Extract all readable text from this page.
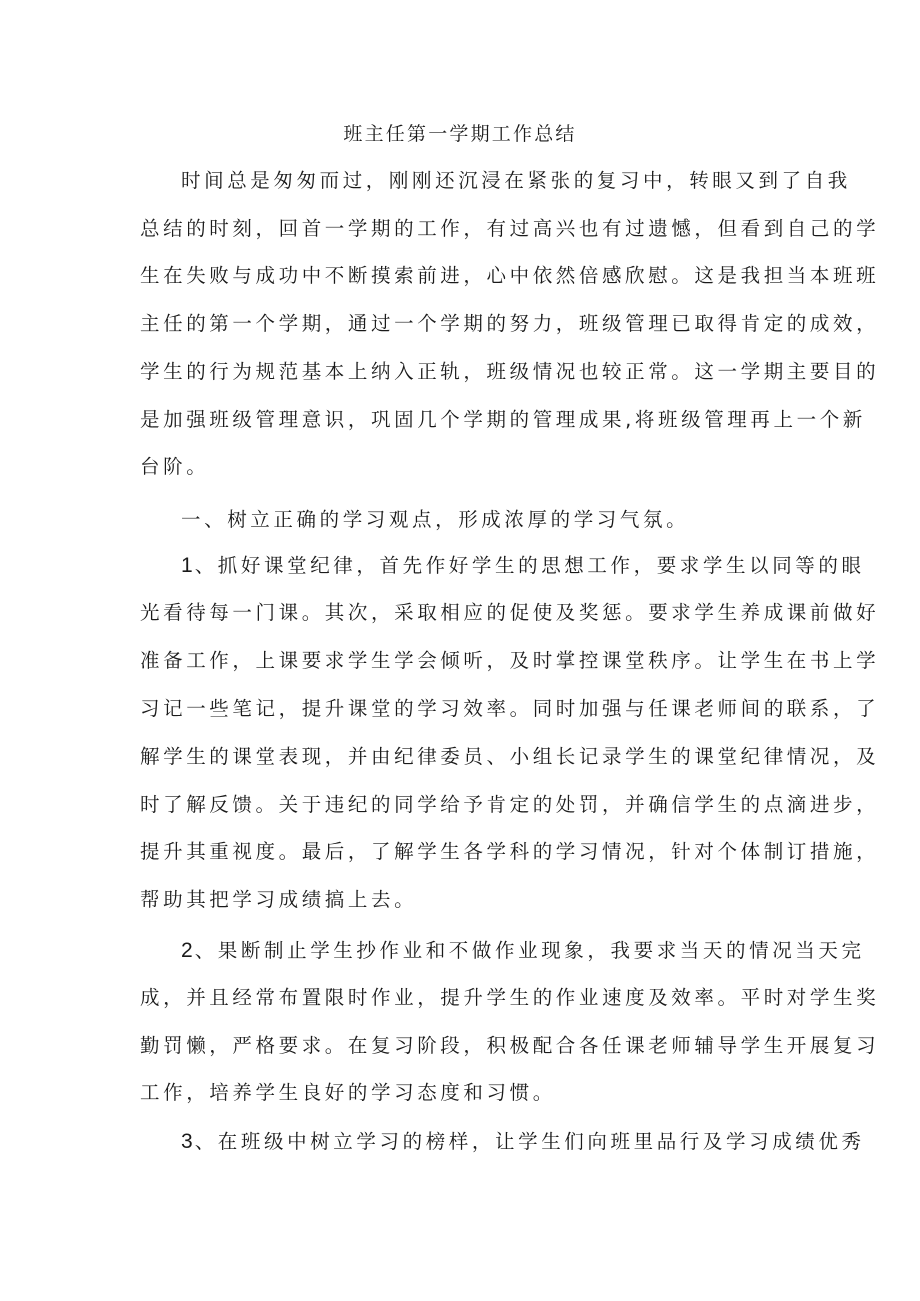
班主任第一学期工作总结
时间总是匆匆而过，刚刚还沉浸在紧张的复习中，转眼又到了自我
总结的时刻，回首一学期的工作，有过高兴也有过遗憾，但看到自己的学
生在失败与成功中不断摸索前进，心中依然倍感欣慰。这是我担当本班班
主任的第一个学期，通过一个学期的努力，班级管理已取得肯定的成效，
学生的行为规范基本上纳入正轨，班级情况也较正常。这一学期主要目的
是加强班级管理意识，巩固几个学期的管理成果,将班级管理再上一个新
台阶。
一、树立正确的学习观点，形成浓厚的学习气氛。
1 、抓好课堂纪律，首先作好学生的思想工作，要求学生以同等的眼
光看待每一门课。其次，采取相应的促使及奖惩。要求学生养成课前做好
准备工作，上课要求学生学会倾听，及时掌控课堂秩序。让学生在书上学
习记一些笔记，提升课堂的学习效率。同时加强与任课老师间的联系，了
解学生的课堂表现，并由纪律委员、小组长记录学生的课堂纪律情况，及
时了解反馈。关于违纪的同学给予肯定的处罚，并确信学生的点滴进步，
提升其重视度。最后，了解学生各学科的学习情况，针对个体制订措施，
帮助其把学习成绩搞上去。
2 、果断制止学生抄作业和不做作业现象，我要求当天的情况当天完
成，并且经常布置限时作业，提升学生的作业速度及效率。平时对学生奖
勤罚懒，严格要求。在复习阶段，积极配合各任课老师辅导学生开展复习
工作，培养学生良好的学习态度和习惯。
3 、在班级中树立学习的榜样，让学生们向班里品行及学习成绩优秀
